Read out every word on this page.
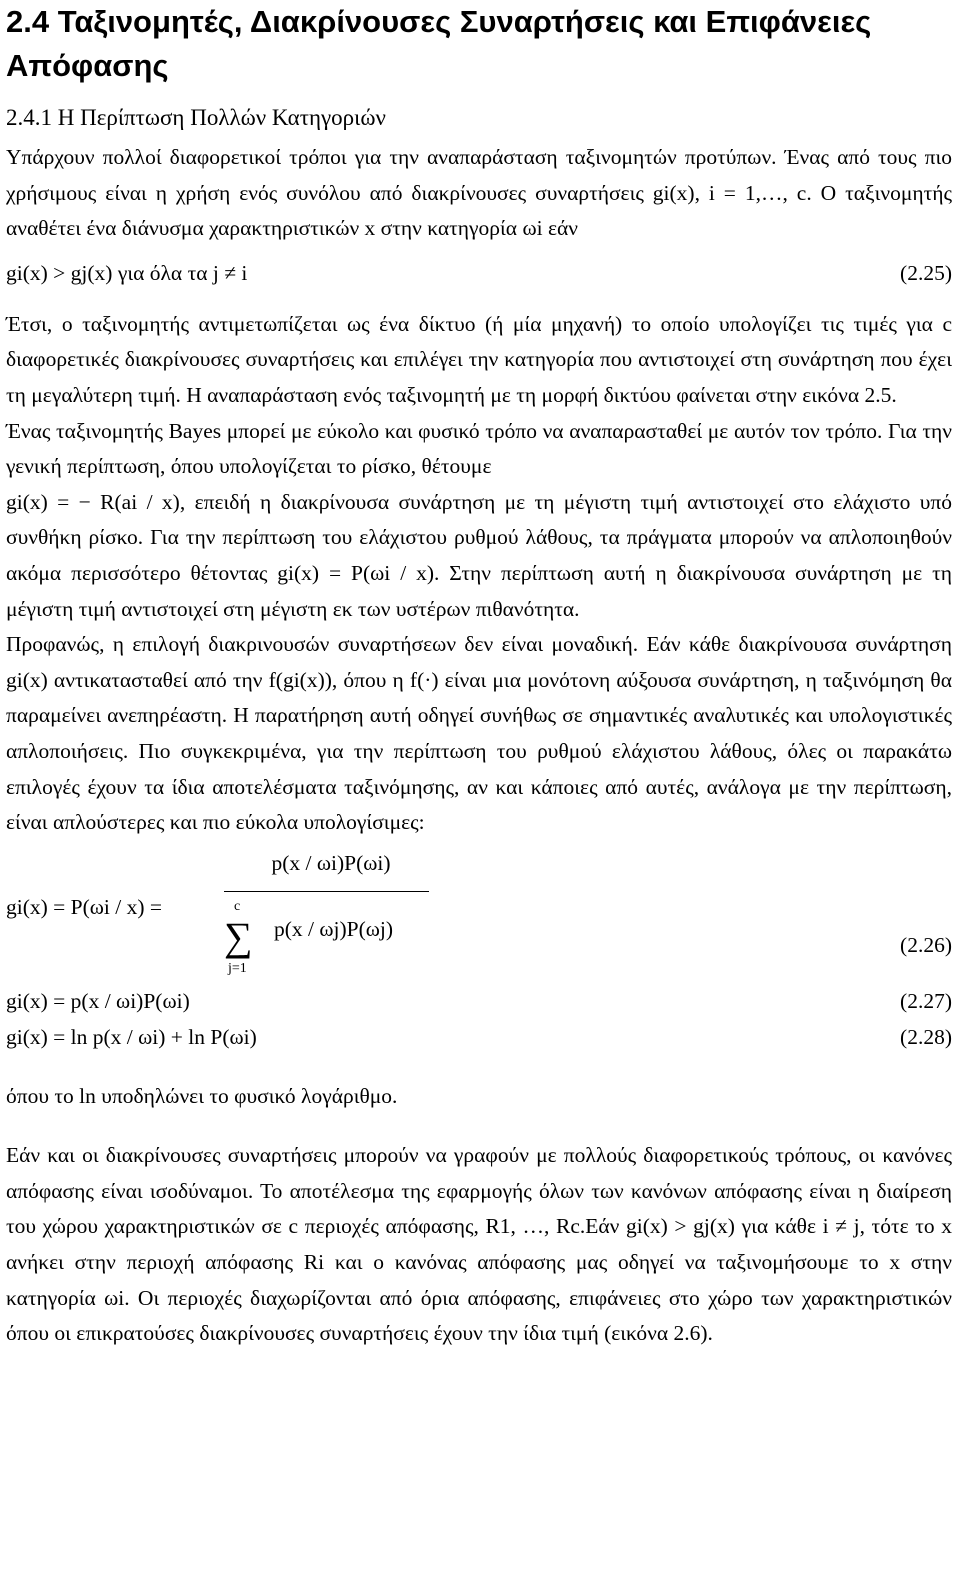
2.4 Ταξινομητές, Διακρίνουσες Συναρτήσεις και Επιφάνειες Απόφασης
2.4.1 Η Περίπτωση Πολλών Κατηγοριών

Υπάρχουν πολλοί διαφορετικοί τρόποι για την αναπαράσταση ταξινομητών προτύπων. Ένας από τους πιο χρήσιμους είναι η χρήση ενός συνόλου από διακρίνουσες συναρτήσεις gi(x), i = 1,…, c. Ο ταξινομητής αναθέτει ένα διάνυσμα χαρακτηριστικών x στην κατηγορία ωi εάν

gi(x) > gj(x) για όλα τα j ≠ i	(2.25)

Έτσι, ο ταξινομητής αντιμετωπίζεται ως ένα δίκτυο (ή μία μηχανή) το οποίο υπολογίζει τις τιμές για c διαφορετικές διακρίνουσες συναρτήσεις και επιλέγει την κατηγορία που αντιστοιχεί στη συνάρτηση που έχει τη μεγαλύτερη τιμή. Η αναπαράσταση ενός ταξινομητή με τη μορφή δικτύου φαίνεται στην εικόνα 2.5.

Ένας ταξινομητής Bayes μπορεί με εύκολο και φυσικό τρόπο να αναπαρασταθεί με αυτόν τον τρόπο. Για την γενική περίπτωση, όπου υπολογίζεται το ρίσκο, θέτουμε

gi(x) = − R(ai / x), επειδή η διακρίνουσα συνάρτηση με τη μέγιστη τιμή αντιστοιχεί στο ελάχιστο υπό συνθήκη ρίσκο. Για την περίπτωση του ελάχιστου ρυθμού λάθους, τα πράγματα μπορούν να απλοποιηθούν ακόμα περισσότερο θέτοντας gi(x) = P(ωi / x). Στην περίπτωση αυτή η διακρίνουσα συνάρτηση με τη μέγιστη τιμή αντιστοιχεί στη μέγιστη εκ των υστέρων πιθανότητα.

Προφανώς, η επιλογή διακρινουσών συναρτήσεων δεν είναι μοναδική. Εάν κάθε διακρίνουσα συνάρτηση gi(x) αντικατασταθεί από την f(gi(x)), όπου η f(·) είναι μια μονότονη αύξουσα συνάρτηση, η ταξινόμηση θα παραμείνει ανεπηρέαστη. Η παρατήρηση αυτή οδηγεί συνήθως σε σημαντικές αναλυτικές και υπολογιστικές απλοποιήσεις. Πιο συγκεκριμένα, για την περίπτωση του ρυθμού ελάχιστου λάθους, όλες οι παρακάτω επιλογές έχουν τα ίδια αποτελέσματα ταξινόμησης, αν και κάποιες από αυτές, ανάλογα με την περίπτωση, είναι απλούστερες και πιο εύκολα υπολογίσιμες:

gi(x) = P(ωi / x) =
p(x / ωi)P(ωi)
c
∑
j=1
p(x / ωj)P(ωj)
(2.26)
gi(x) = p(x / ωi)P(ωi)	(2.27)
gi(x) = ln p(x / ωi) + ln P(ωi)	(2.28)

όπου το ln υποδηλώνει το φυσικό λογάριθμο.

Εάν και οι διακρίνουσες συναρτήσεις μπορούν να γραφούν με πολλούς διαφορετικούς τρόπους, οι κανόνες απόφασης είναι ισοδύναμοι. Το αποτέλεσμα της εφαρμογής όλων των κανόνων απόφασης είναι η διαίρεση του χώρου χαρακτηριστικών σε c περιοχές απόφασης, R1, …, Rc.Εάν gi(x) > gj(x) για κάθε i ≠ j, τότε το x ανήκει στην περιοχή απόφασης Ri και ο κανόνας απόφασης μας οδηγεί να ταξινομήσουμε το x στην κατηγορία ωi. Οι περιοχές διαχωρίζονται από όρια απόφασης, επιφάνειες στο χώρο των χαρακτηριστικών όπου οι επικρατούσες διακρίνουσες συναρτήσεις έχουν την ίδια τιμή (εικόνα 2.6).
